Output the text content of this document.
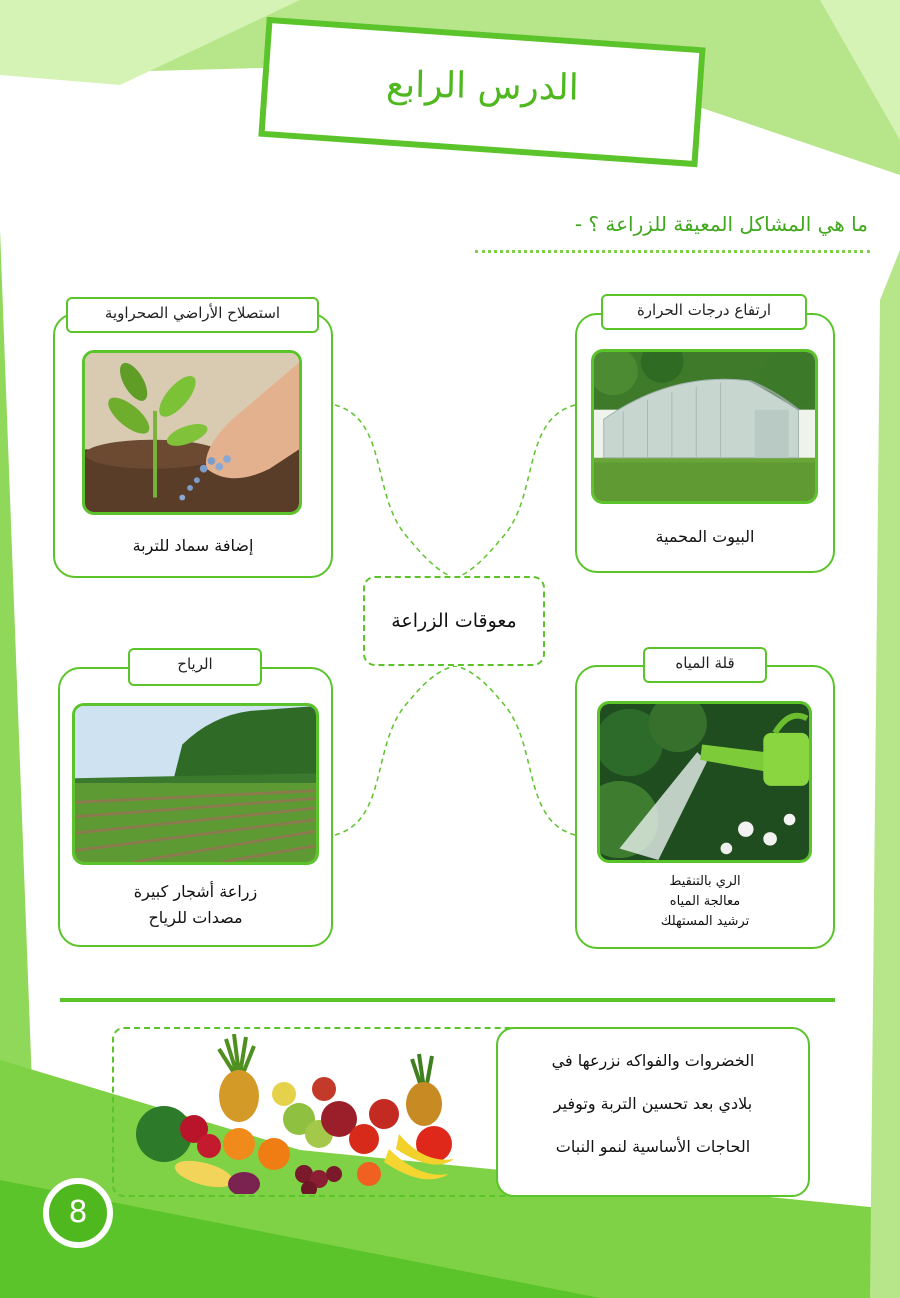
الدرس الرابع
ما هي المشاكل المعيقة للزراعة ؟ -
استصلاح الأراضي الصحراوية
إضافة سماد للتربة
ارتفاع درجات الحرارة
البيوت المحمية
معوقات الزراعة
الرياح
زراعة أشجار كبيرة
مصدات للرياح
قلة المياه
الري بالتنقيط
معالجة المياه
ترشيد المستهلك
الخضروات والفواكه نزرعها في
بلادي بعد تحسين التربة وتوفير
الحاجات الأساسية لنمو النبات
8
